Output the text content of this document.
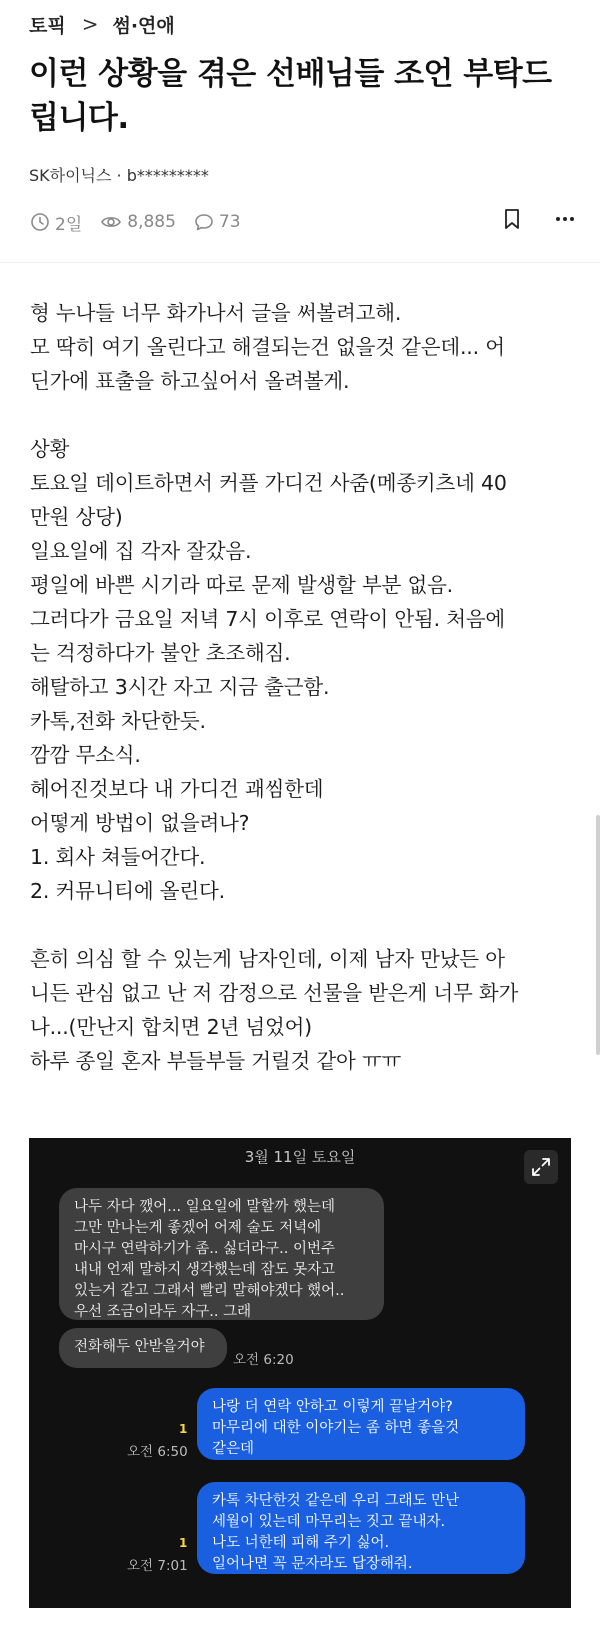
토픽 > 썸·연애
이런 상황을 겪은 선배님들 조언 부탁드립니다.
SK하이닉스 · b*********
2일	8,885	73

형 누나들 너무 화가나서 글을 써볼려고해.

모 딱히 여기 올린다고 해결되는건 없을것 같은데... 어

딘가에 표출을 하고싶어서 올려볼게.

상황

토요일 데이트하면서 커플 가디건 사줌(메종키츠네 40

만원 상당)

일요일에 집 각자 잘갔음.

평일에 바쁜 시기라 따로 문제 발생할 부분 없음.

그러다가 금요일 저녁 7시 이후로 연락이 안됨. 처음에

는 걱정하다가 불안 초조해짐.

해탈하고 3시간 자고 지금 출근함.

카톡,전화 차단한듯.

깜깜 무소식.

헤어진것보다 내 가디건 괘씸한데

어떻게 방법이 없을려나?

1. 회사 쳐들어간다.

2. 커뮤니티에 올린다.

흔히 의심 할 수 있는게 남자인데, 이제 남자 만났든 아

니든 관심 없고 난 저 감정으로 선물을 받은게 너무 화가

나...(만난지 합치면 2년 넘었어)

하루 종일 혼자 부들부들 거릴것 같아 ㅠㅠ

3월 11일 토요일

나두 자다 깼어... 일요일에 말할까 했는데

그만 만나는게 좋겠어 어제 술도 저녁에

마시구 연락하기가 좀.. 싫더라구.. 이번주

내내 언제 말하지 생각했는데 잠도 못자고

있는거 같고 그래서 빨리 말해야겠다 했어..

우선 조금이라두 자구.. 그래

전화해두 안받을거야

오전 6:20

나랑 더 연락 안하고 이렇게 끝날거야?

마무리에 대한 이야기는 좀 하면 좋을것

같은데

오전 6:50
1

카톡 차단한것 같은데 우리 그래도 만난

세월이 있는데 마무리는 짓고 끝내자.

나도 너한테 피해 주기 싫어.

일어나면 꼭 문자라도 답장해줘.

오전 7:01
1
